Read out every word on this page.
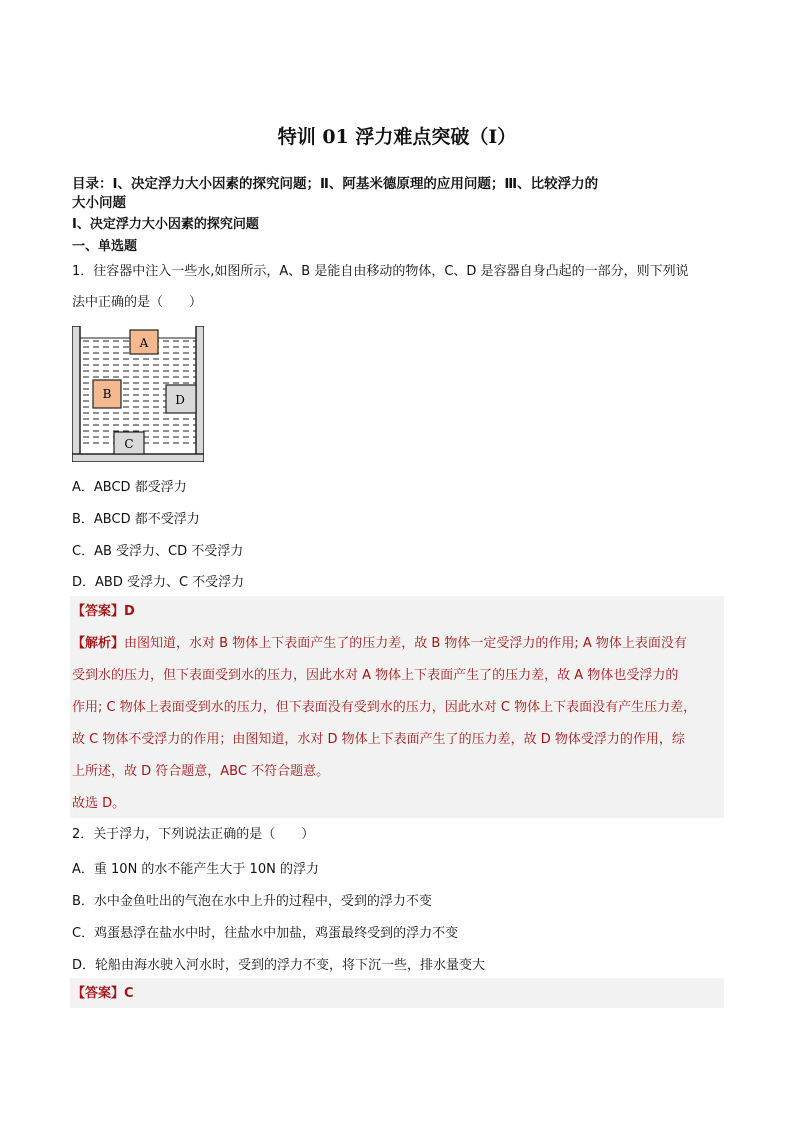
特训 01 浮力难点突破（Ⅰ）
目录：Ⅰ、决定浮力大小因素的探究问题；Ⅱ、阿基米德原理的应用问题；Ⅲ、比较浮力的
大小问题
Ⅰ、决定浮力大小因素的探究问题
一、单选题
1．往容器中注入一些水,如图所示，A、B 是能自由移动的物体，C、D 是容器自身凸起的一部分，则下列说
法中正确的是（　　）
A
B	D
C
A．ABCD 都受浮力
B．ABCD 都不受浮力
C．AB 受浮力、CD 不受浮力
D．ABD 受浮力、C 不受浮力
【答案】D
【解析】由图知道，水对 B 物体上下表面产生了的压力差，故 B 物体一定受浮力的作用; A 物体上表面没有
受到水的压力，但下表面受到水的压力，因此水对 A 物体上下表面产生了的压力差，故 A 物体也受浮力的
作用; C 物体上表面受到水的压力，但下表面没有受到水的压力，因此水对 C 物体上下表面没有产生压力差，
故 C 物体不受浮力的作用；由图知道，水对 D 物体上下表面产生了的压力差，故 D 物体受浮力的作用，综
上所述，故 D 符合题意，ABC 不符合题意。
故选 D。
2．关于浮力，下列说法正确的是（　　）
A．重 10N 的水不能产生大于 10N 的浮力
B．水中金鱼吐出的气泡在水中上升的过程中，受到的浮力不变
C．鸡蛋悬浮在盐水中时，往盐水中加盐，鸡蛋最终受到的浮力不变
D．轮船由海水驶入河水时，受到的浮力不变，将下沉一些，排水量变大
【答案】C
